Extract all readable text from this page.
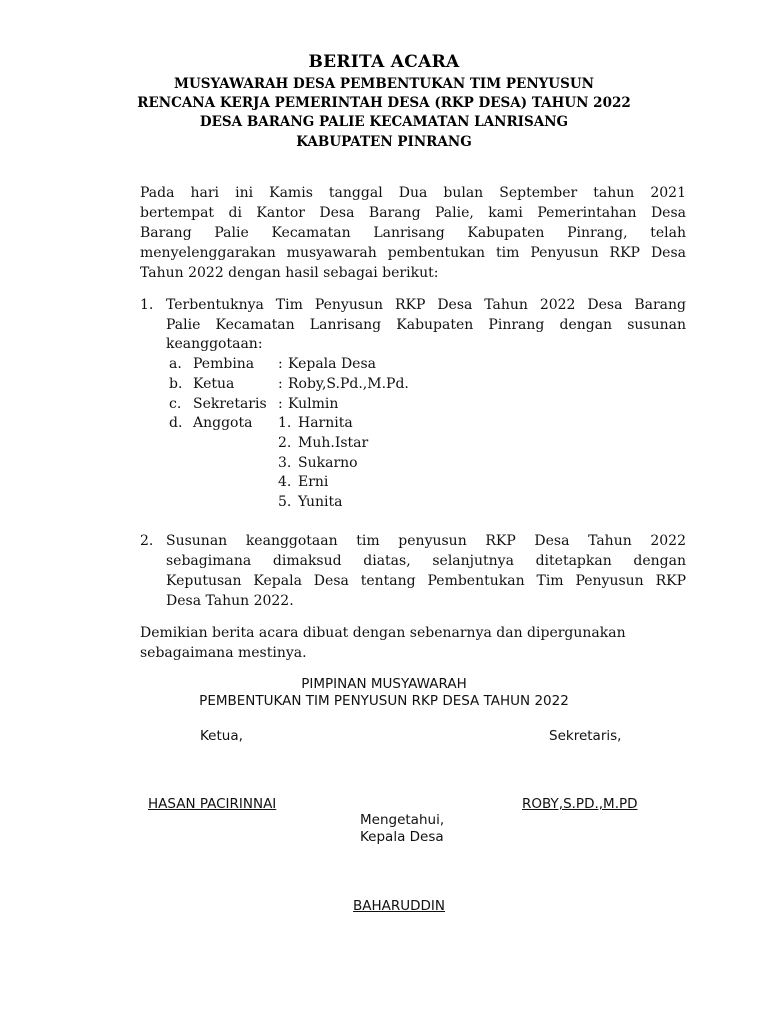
BERITA ACARA
MUSYAWARAH DESA PEMBENTUKAN TIM PENYUSUN
RENCANA KERJA PEMERINTAH DESA (RKP DESA) TAHUN 2022
DESA BARANG PALIE KECAMATAN LANRISANG
KABUPATEN PINRANG
Pada hari ini Kamis tanggal Dua bulan September tahun 2021
bertempat di Kantor Desa Barang Palie, kami Pemerintahan Desa
Barang Palie Kecamatan Lanrisang Kabupaten Pinrang, telah
menyelenggarakan musyawarah pembentukan tim Penyusun RKP Desa
Tahun 2022 dengan hasil sebagai berikut:
1. Terbentuknya Tim Penyusun RKP Desa Tahun 2022 Desa Barang
Palie Kecamatan Lanrisang Kabupaten Pinrang dengan susunan
keanggotaan:
a. Pembina : Kepala Desa
b. Ketua	: Roby,S.Pd.,M.Pd.
c. Sekretaris : Kulmin
d. Anggota 1. Harnita
2. Muh.Istar
3. Sukarno
4. Erni
5. Yunita
2. Susunan keanggotaan tim penyusun RKP Desa Tahun 2022
sebagimana dimaksud diatas, selanjutnya ditetapkan dengan
Keputusan Kepala Desa tentang Pembentukan Tim Penyusun RKP
Desa Tahun 2022.
Demikian berita acara dibuat dengan sebenarnya dan dipergunakan
sebagaimana mestinya.
PIMPINAN MUSYAWARAH
PEMBENTUKAN TIM PENYUSUN RKP DESA TAHUN 2022
Ketua,	Sekretaris,
HASAN PACIRINNAI	ROBY,S.PD.,M.PD
Mengetahui,
Kepala Desa
BAHARUDDIN
